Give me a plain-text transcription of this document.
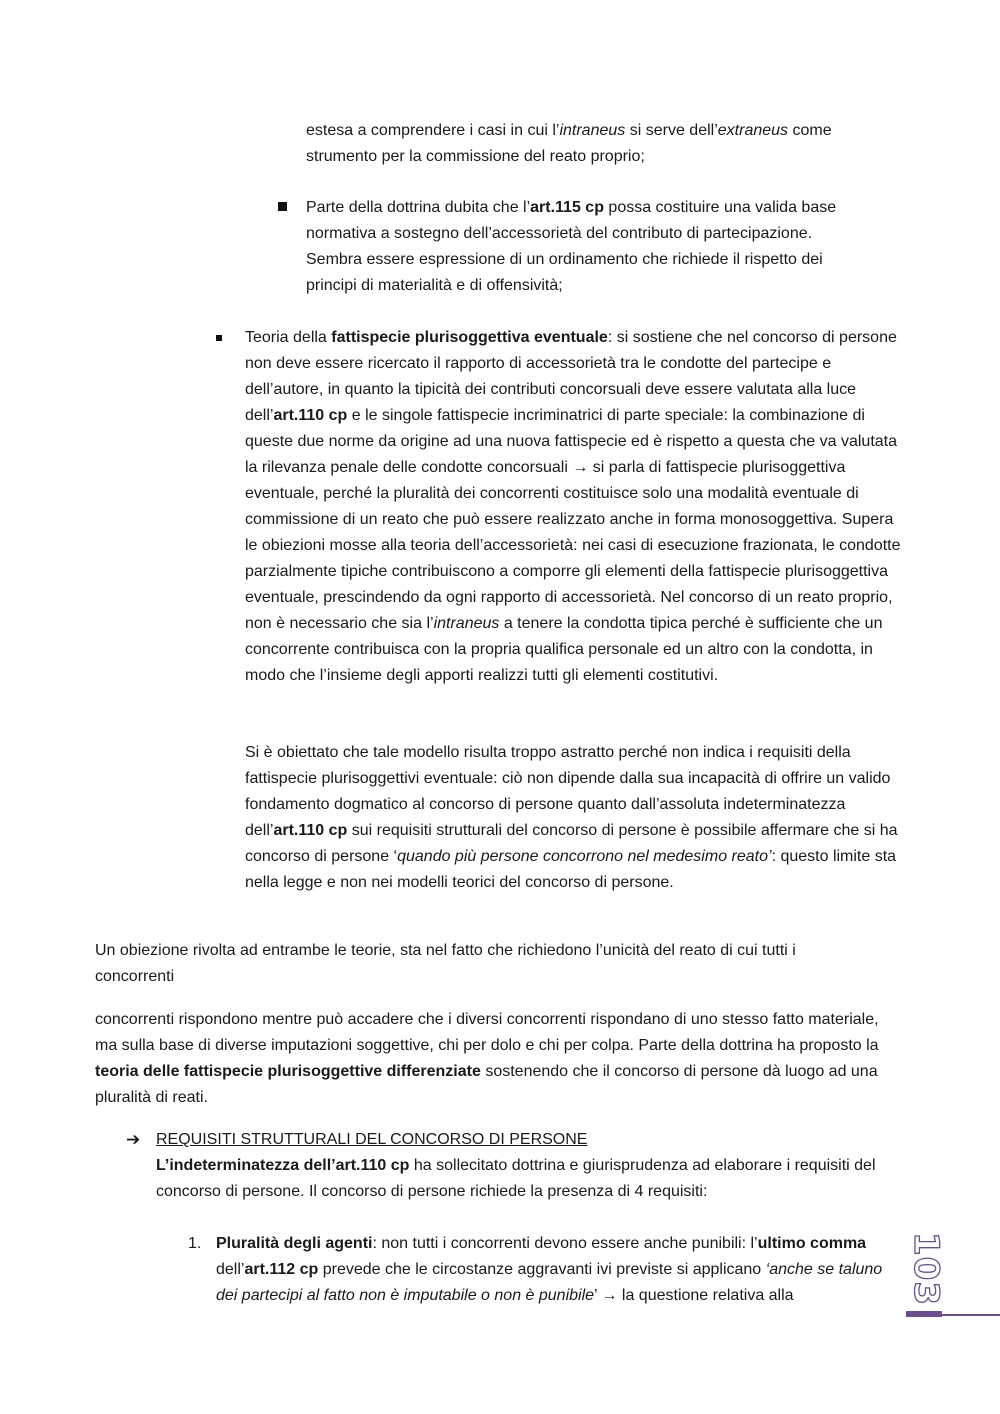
estesa a comprendere i casi in cui l’intraneus si serve dell’extraneus come strumento per la commissione del reato proprio;

Parte della dottrina dubita che l’art.115 cp possa costituire una valida base normativa a sostegno dell’accessorietà del contributo di partecipazione. Sembra essere espressione di un ordinamento che richiede il rispetto dei principi di materialità e di offensività;

Teoria della fattispecie plurisoggettiva eventuale: si sostiene che nel concorso di persone non deve essere ricercato il rapporto di accessorietà tra le condotte del partecipe e dell’autore, in quanto la tipicità dei contributi concorsuali deve essere valutata alla luce dell’art.110 cp e le singole fattispecie incriminatrici di parte speciale: la combinazione di queste due norme da origine ad una nuova fattispecie ed è rispetto a questa che va valutata la rilevanza penale delle condotte concorsuali → si parla di fattispecie plurisoggettiva eventuale, perché la pluralità dei concorrenti costituisce solo una modalità eventuale di commissione di un reato che può essere realizzato anche in forma monosoggettiva. Supera le obiezioni mosse alla teoria dell’accessorietà: nei casi di esecuzione frazionata, le condotte parzialmente tipiche contribuiscono a comporre gli elementi della fattispecie plurisoggettiva eventuale, prescindendo da ogni rapporto di accessorietà. Nel concorso di un reato proprio, non è necessario che sia l’intraneus a tenere la condotta tipica perché è sufficiente che un concorrente contribuisca con la propria qualifica personale ed un altro con la condotta, in modo che l’insieme degli apporti realizzi tutti gli elementi costitutivi.

Si è obiettato che tale modello risulta troppo astratto perché non indica i requisiti della fattispecie plurisoggettivi eventuale: ciò non dipende dalla sua incapacità di offrire un valido fondamento dogmatico al concorso di persone quanto dall’assoluta indeterminatezza dell’art.110 cp sui requisiti strutturali del concorso di persone è possibile affermare che si ha concorso di persone ‘quando più persone concorrono nel medesimo reato’: questo limite sta nella legge e non nei modelli teorici del concorso di persone.

Un obiezione rivolta ad entrambe le teorie, sta nel fatto che richiedono l’unicità del reato di cui tutti i concorrenti

concorrenti rispondono mentre può accadere che i diversi concorrenti rispondano di uno stesso fatto materiale, ma sulla base di diverse imputazioni soggettive, chi per dolo e chi per colpa. Parte della dottrina ha proposto la teoria delle fattispecie plurisoggettive differenziate sostenendo che il concorso di persone dà luogo ad una pluralità di reati.

➔ REQUISITI STRUTTURALI DEL CONCORSO DI PERSONE

L’indeterminatezza dell’art.110 cp ha sollecitato dottrina e giurisprudenza ad elaborare i requisiti del concorso di persone. Il concorso di persone richiede la presenza di 4 requisiti:

1. Pluralità degli agenti: non tutti i concorrenti devono essere anche punibili: l’ultimo comma dell’art.112 cp prevede che le circostanze aggravanti ivi previste si applicano ‘anche se taluno dei partecipi al fatto non è imputabile o non è punibile’ → la questione relativa alla	103
